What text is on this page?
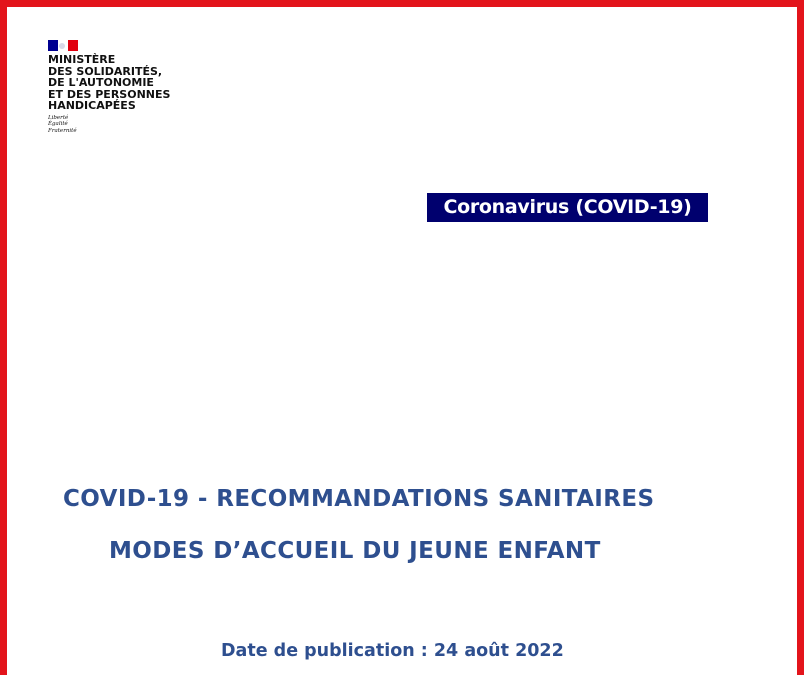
MINISTÈRE
DES SOLIDARITÉS,
DE L'AUTONOMIE
ET DES PERSONNES
HANDICAPÉES
Liberté
Égalité
Fraternité
Coronavirus (COVID-19)
COVID-19 - RECOMMANDATIONS SANITAIRES
MODES D’ACCUEIL DU JEUNE ENFANT
Date de publication : 24 août 2022
